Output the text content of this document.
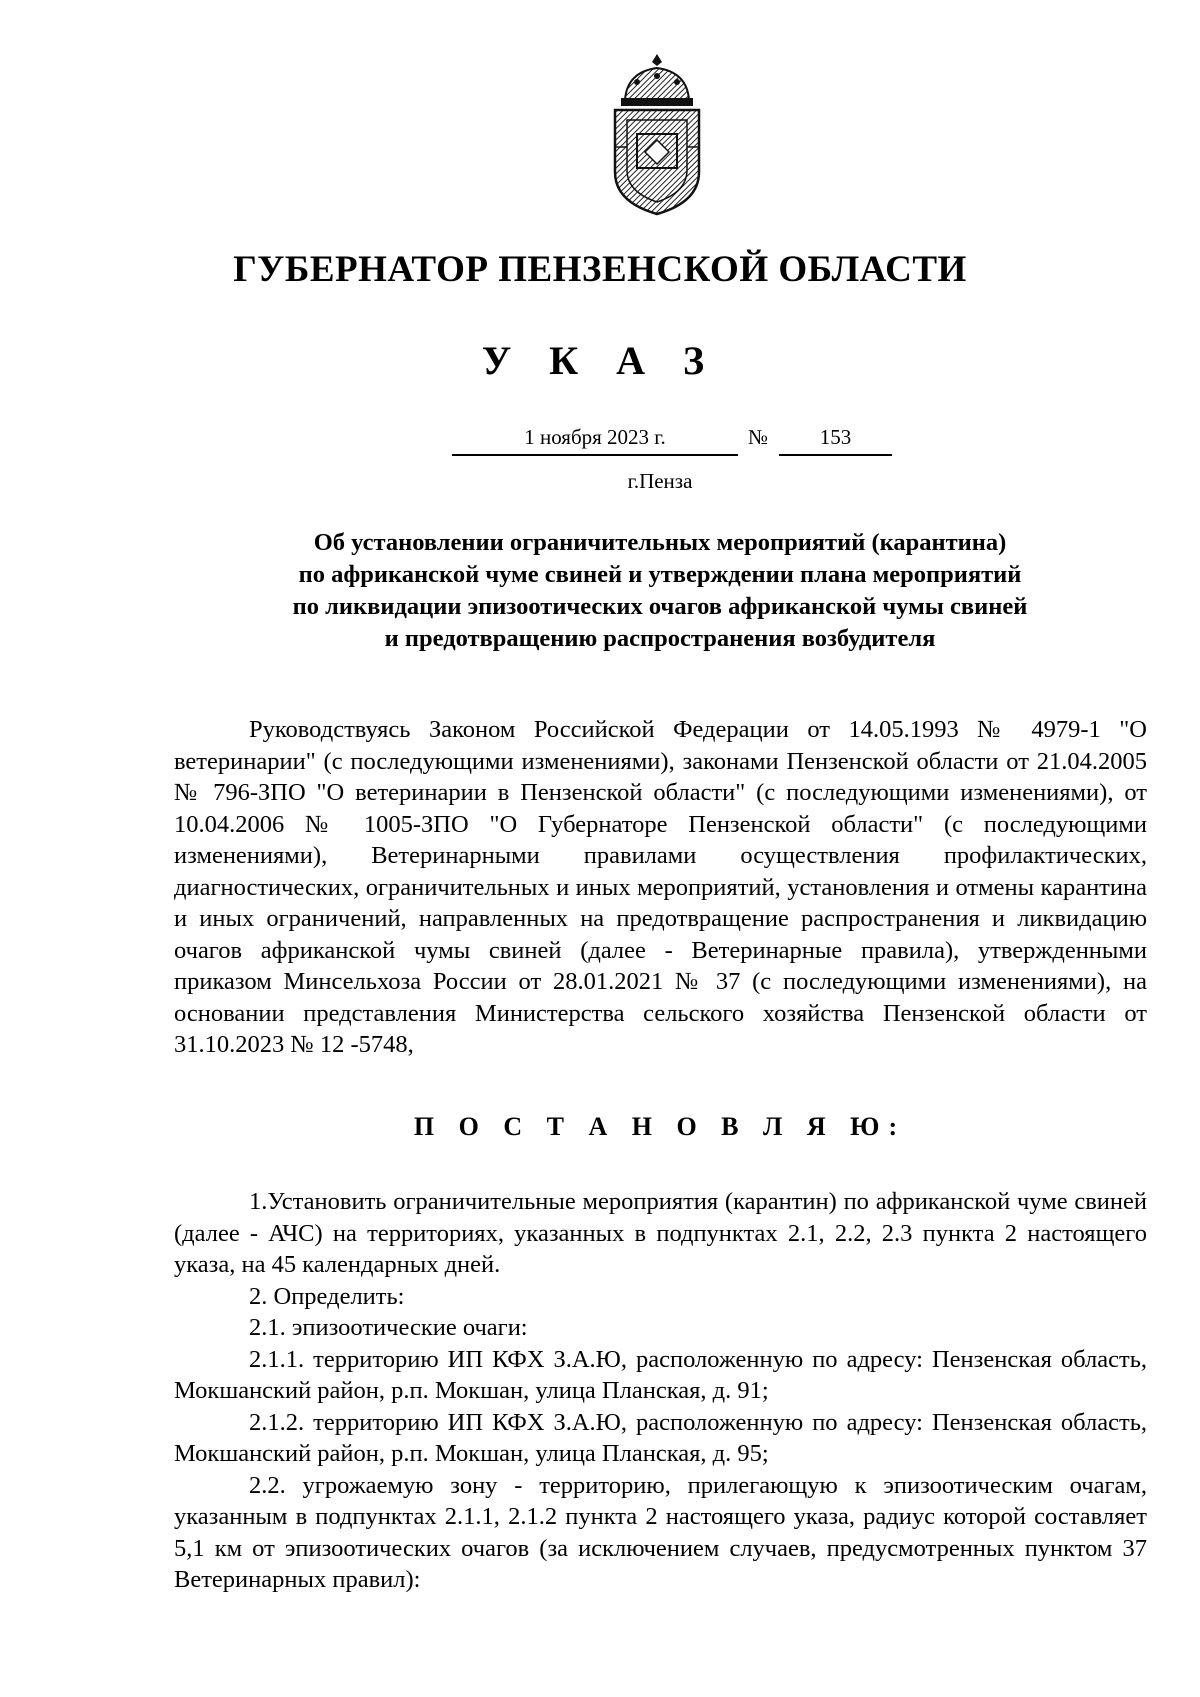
ГУБЕРНАТОР ПЕНЗЕНСКОЙ ОБЛАСТИ
У К А З
1 ноября 2023 г.	№	153

г.Пенза

Об установлении ограничительных мероприятий (карантина)
по африканской чуме свиней и утверждении плана мероприятий
по ликвидации эпизоотических очагов африканской чумы свиней
и предотвращению распространения возбудителя

Руководствуясь Законом Российской Федерации от 14.05.1993 № 4979-1 "О ветеринарии" (с последующими изменениями), законами Пензенской области от 21.04.2005 № 796-ЗПО "О ветеринарии в Пензенской области" (с последующими изменениями), от 10.04.2006 № 1005-ЗПО "О Губернаторе Пензенской области" (с последующими изменениями), Ветеринарными правилами осуществления профилактических, диагностических, ограничительных и иных мероприятий, установления и отмены карантина и иных ограничений, направленных на предотвращение распространения и ликвидацию очагов африканской чумы свиней (далее - Ветеринарные правила), утвержденными приказом Минсельхоза России от 28.01.2021 № 37 (с последующими изменениями), на основании представления Министерства сельского хозяйства Пензенской области от 31.10.2023 № 12 -5748,

П О С Т А Н О В Л Я Ю:

1.Установить ограничительные мероприятия (карантин) по африканской чуме свиней (далее - АЧС) на территориях, указанных в подпунктах 2.1, 2.2, 2.3 пункта 2 настоящего указа, на 45 календарных дней.

2. Определить:

2.1. эпизоотические очаги:

2.1.1. территорию ИП КФХ З.А.Ю, расположенную по адресу: Пензенская область, Мокшанский район, р.п. Мокшан, улица Планская, д. 91;

2.1.2. территорию ИП КФХ З.А.Ю, расположенную по адресу: Пензенская область, Мокшанский район, р.п. Мокшан, улица Планская, д. 95;

2.2. угрожаемую зону - территорию, прилегающую к эпизоотическим очагам, указанным в подпунктах 2.1.1, 2.1.2 пункта 2 настоящего указа, радиус которой составляет 5,1 км от эпизоотических очагов (за исключением случаев, предусмотренных пунктом 37 Ветеринарных правил):
